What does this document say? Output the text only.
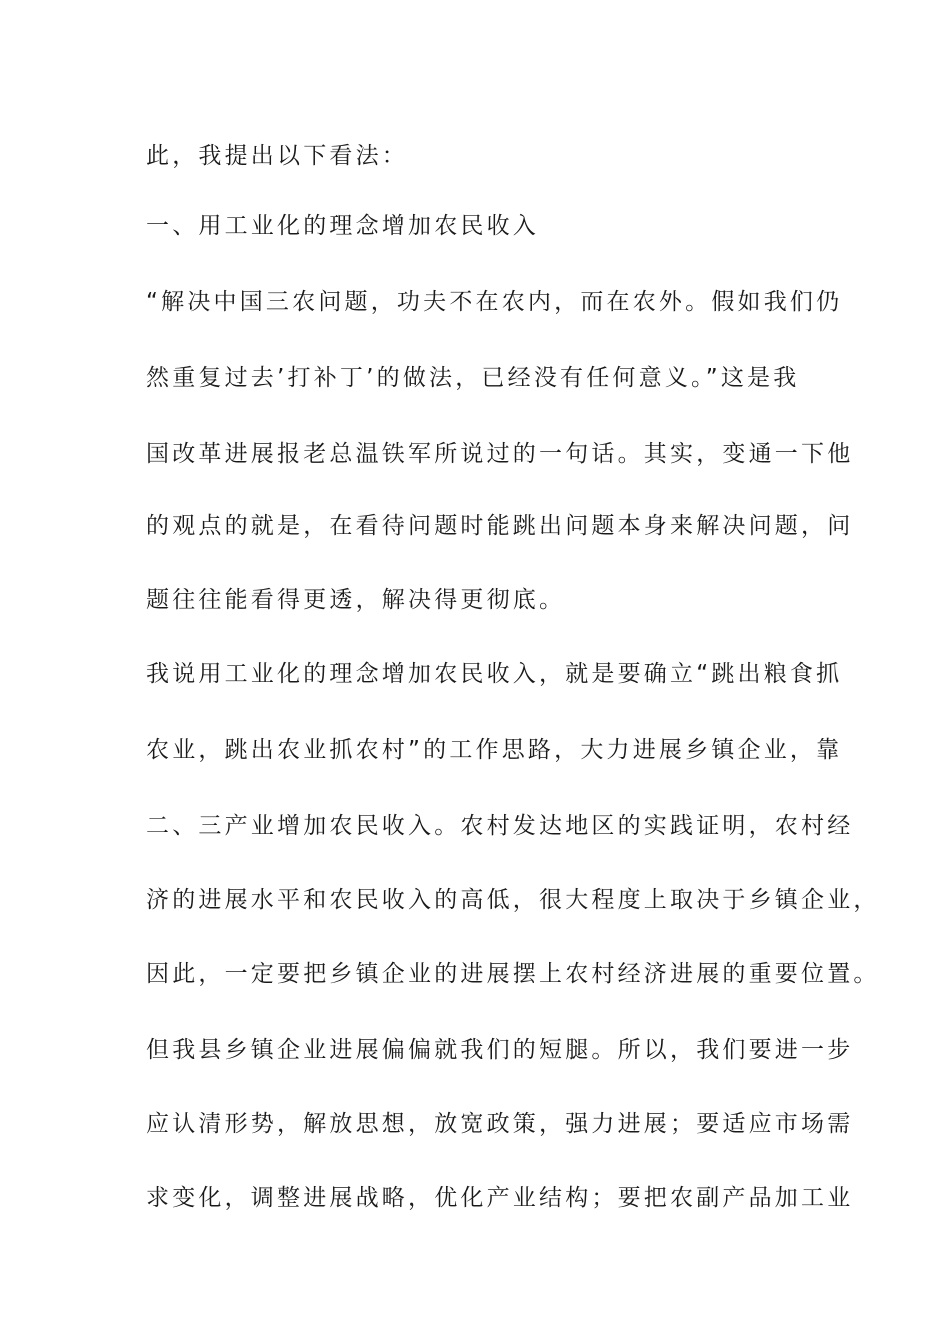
此，我提出以下看法：

一、用工业化的理念增加农民收入

“解决中国三农问题，功夫不在农内，而在农外。假如我们仍

然重复过去’打补丁’的做法，已经没有任何意义。”这是我

国改革进展报老总温铁军所说过的一句话。其实，变通一下他

的观点的就是，在看待问题时能跳出问题本身来解决问题，问

题往往能看得更透，解决得更彻底。

我说用工业化的理念增加农民收入，就是要确立“跳出粮食抓

农业，跳出农业抓农村”的工作思路，大力进展乡镇企业，靠

二、三产业增加农民收入。农村发达地区的实践证明，农村经

济的进展水平和农民收入的高低，很大程度上取决于乡镇企业，

因此，一定要把乡镇企业的进展摆上农村经济进展的重要位置。

但我县乡镇企业进展偏偏就我们的短腿。所以，我们要进一步

应认清形势，解放思想，放宽政策，强力进展；要适应市场需

求变化，调整进展战略，优化产业结构；要把农副产品加工业
